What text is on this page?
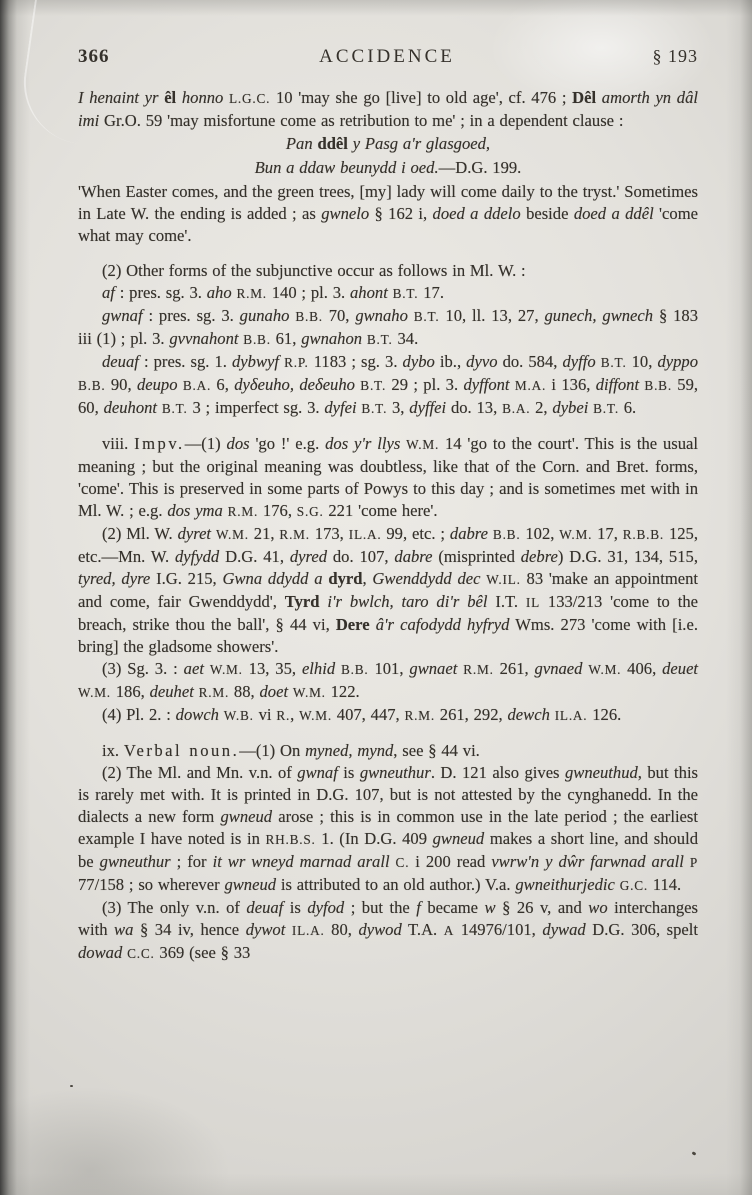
366	ACCIDENCE	§ 193

I henaint yr êl honno L.G.C. 10 'may she go [live] to old age', cf. 476 ; Dêl amorth yn dâl imi Gr.O. 59 'may misfortune come as retribution to me' ; in a dependent clause :

Pan ddêl y Pasg a'r glasgoed,

Bun a ddaw beunydd i oed.—D.G. 199.

'When Easter comes, and the green trees, [my] lady will come daily to the tryst.' Sometimes in Late W. the ending is added ; as gwnelo § 162 i, doed a ddelo beside doed a ddêl 'come what may come'.

(2) Other forms of the subjunctive occur as follows in Ml. W. :

af : pres. sg. 3. aho R.M. 140 ; pl. 3. ahont B.T. 17.

gwnaf : pres. sg. 3. gunaho B.B. 70, gwnaho B.T. 10, ll. 13, 27, gunech, gwnech § 183 iii (1) ; pl. 3. gvvnahont B.B. 61, gwnahon B.T. 34.

deuaf : pres. sg. 1. dybwyf R.P. 1183 ; sg. 3. dybo ib., dyvo do. 584, dyffo B.T. 10, dyppo B.B. 90, deupo B.A. 6, dyδeuho, deδeuho B.T. 29 ; pl. 3. dyffont M.A. i 136, diffont B.B. 59, 60, deuhont B.T. 3 ; imperfect sg. 3. dyfei B.T. 3, dyffei do. 13, B.A. 2, dybei B.T. 6.

viii. Impv.—(1) dos 'go !' e.g. dos y'r llys W.M. 14 'go to the court'. This is the usual meaning ; but the original meaning was doubtless, like that of the Corn. and Bret. forms, 'come'. This is preserved in some parts of Powys to this day ; and is sometimes met with in Ml. W. ; e.g. dos yma R.M. 176, S.G. 221 'come here'.

(2) Ml. W. dyret W.M. 21, R.M. 173, IL.A. 99, etc. ; dabre B.B. 102, W.M. 17, R.B.B. 125, etc.—Mn. W. dyfydd D.G. 41, dyred do. 107, dabre (misprinted debre) D.G. 31, 134, 515, tyred, dyre I.G. 215, Gwna ddydd a dyrd, Gwenddydd dec W.IL. 83 'make an appointment and come, fair Gwenddydd', Tyrd i'r bwlch, taro di'r bêl I.T. IL 133/213 'come to the breach, strike thou the ball', § 44 vi, Dere â'r cafodydd hyfryd Wms. 273 'come with [i.e. bring] the gladsome showers'.

(3) Sg. 3. : aet W.M. 13, 35, elhid B.B. 101, gwnaet R.M. 261, gvnaed W.M. 406, deuet W.M. 186, deuhet R.M. 88, doet W.M. 122.

(4) Pl. 2. : dowch W.B. vi R., W.M. 407, 447, R.M. 261, 292, dewch IL.A. 126.

ix. Verbal noun.—(1) On myned, mynd, see § 44 vi.

(2) The Ml. and Mn. v.n. of gwnaf is gwneuthur. D. 121 also gives gwneuthud, but this is rarely met with. It is printed in D.G. 107, but is not attested by the cynghanedd. In the dialects a new form gwneud arose ; this is in common use in the late period ; the earliest example I have noted is in RH.B.S. 1. (In D.G. 409 gwneud makes a short line, and should be gwneuthur ; for it wr wneyd marnad arall C. i 200 read vwrw'n y dŵr farwnad arall P 77/158 ; so wherever gwneud is attributed to an old author.) V.a. gwneithurjedic G.C. 114.

(3) The only v.n. of deuaf is dyfod ; but the f became w § 26 v, and wo interchanges with wa § 34 iv, hence dywot IL.A. 80, dywod T.A. A 14976/101, dywad D.G. 306, spelt dowad C.C. 369 (see § 33
